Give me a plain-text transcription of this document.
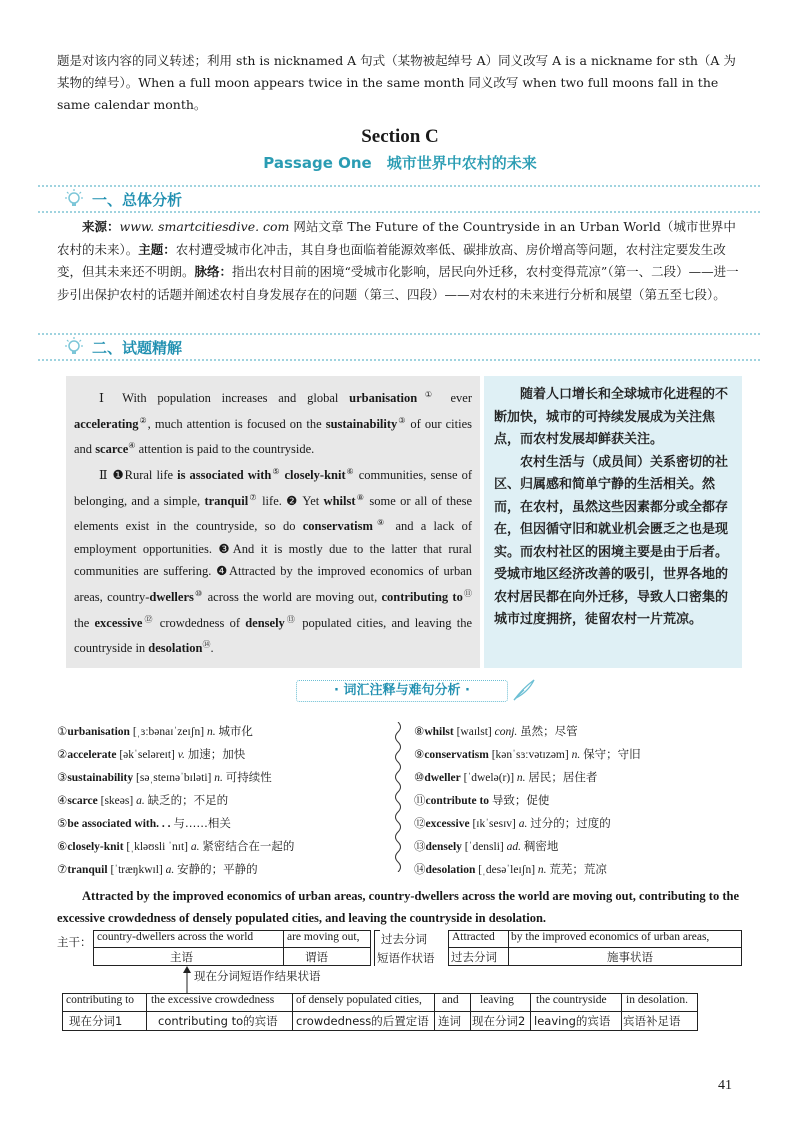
题是对该内容的同义转述；利用 sth is nicknamed A 句式（某物被起绰号 A）同义改写 A is a nickname for sth（A 为某物的绰号）。When a full moon appears twice in the same month 同义改写 when two full moons fall in the same calendar month。
Section C
Passage One　城市世界中农村的未来
一、总体分析
来源：www. smartcitiesdive. com 网站文章 The Future of the Countryside in an Urban World（城市世界中农村的未来）。主题：农村遭受城市化冲击，其自身也面临着能源效率低、碳排放高、房价增高等问题，农村注定要发生改变，但其未来还不明朗。脉络：指出农村目前的困境“受城市化影响，居民向外迁移，农村变得荒凉”（第一、二段）——进一步引出保护农村的话题并阐述农村自身发展存在的问题（第三、四段）——对农村的未来进行分析和展望（第五至七段）。
二、试题精解

Ⅰ With population increases and global urbanisation① ever accelerating②, much attention is focused on the sustainability③ of our cities and scarce④ attention is paid to the countryside.

Ⅱ ❶Rural life is associated with⑤ closely-knit⑥ communities, sense of belonging, and a simple, tranquil⑦ life. ❷ Yet whilst⑧ some or all of these elements exist in the countryside, so do conservatism⑨ and a lack of employment opportunities. ❸And it is mostly due to the latter that rural communities are suffering. ❹Attracted by the improved economics of urban areas, country-dwellers⑩ across the world are moving out, contributing to⑪ the excessive⑫ crowdedness of densely⑬ populated cities, and leaving the countryside in desolation⑭.

随着人口增长和全球城市化进程的不断加快，城市的可持续发展成为关注焦点，而农村发展却鲜获关注。

农村生活与（成员间）关系密切的社区、归属感和简单宁静的生活相关。然而，在农村，虽然这些因素都分或全都存在，但因循守旧和就业机会匮乏之也是现实。而农村社区的困境主要是由于后者。受城市地区经济改善的吸引，世界各地的农村居民都在向外迁移，导致人口密集的城市过度拥挤，徒留农村一片荒凉。

· 词汇注释与难句分析 ·
①urbanisation [ˌɜːbənaɪˈzeɪʃn] n. 城市化
②accelerate [əkˈseləreɪt] v. 加速；加快
③sustainability [səˌsteɪnəˈbɪləti] n. 可持续性
④scarce [skeəs] a. 缺乏的；不足的
⑤be associated with. . . 与……相关
⑥closely-knit [ˌkləʊsli ˈnɪt] a. 紧密结合在一起的
⑦tranquil [ˈtræŋkwɪl] a. 安静的；平静的
⑧whilst [waɪlst] conj. 虽然；尽管
⑨conservatism [kənˈsɜːvətɪzəm] n. 保守；守旧
⑩dweller [ˈdwelə(r)] n. 居民；居住者
⑪contribute to 导致；促使
⑫excessive [ɪkˈsesɪv] a. 过分的；过度的
⑬densely [ˈdensli] ad. 稠密地
⑭desolation [ˌdesəˈleɪʃn] n. 荒芜；荒凉
Attracted by the improved economics of urban areas, country-dwellers across the world are moving out, contributing to the excessive crowdedness of densely populated cities, and leaving the countryside in desolation.
主干： country-dwellers across the world
主语
are moving out,
谓语
过去分词
短语作状语
Attracted
过去分词
by the improved economics of urban areas,
施事状语
现在分词短语作结果状语
contributing to
现在分词1
the excessive crowdedness
contributing to的宾语
of densely populated cities,
crowdedness的后置定语
and
连词
leaving
现在分词2
the countryside
leaving的宾语
in desolation.
宾语补足语
41
